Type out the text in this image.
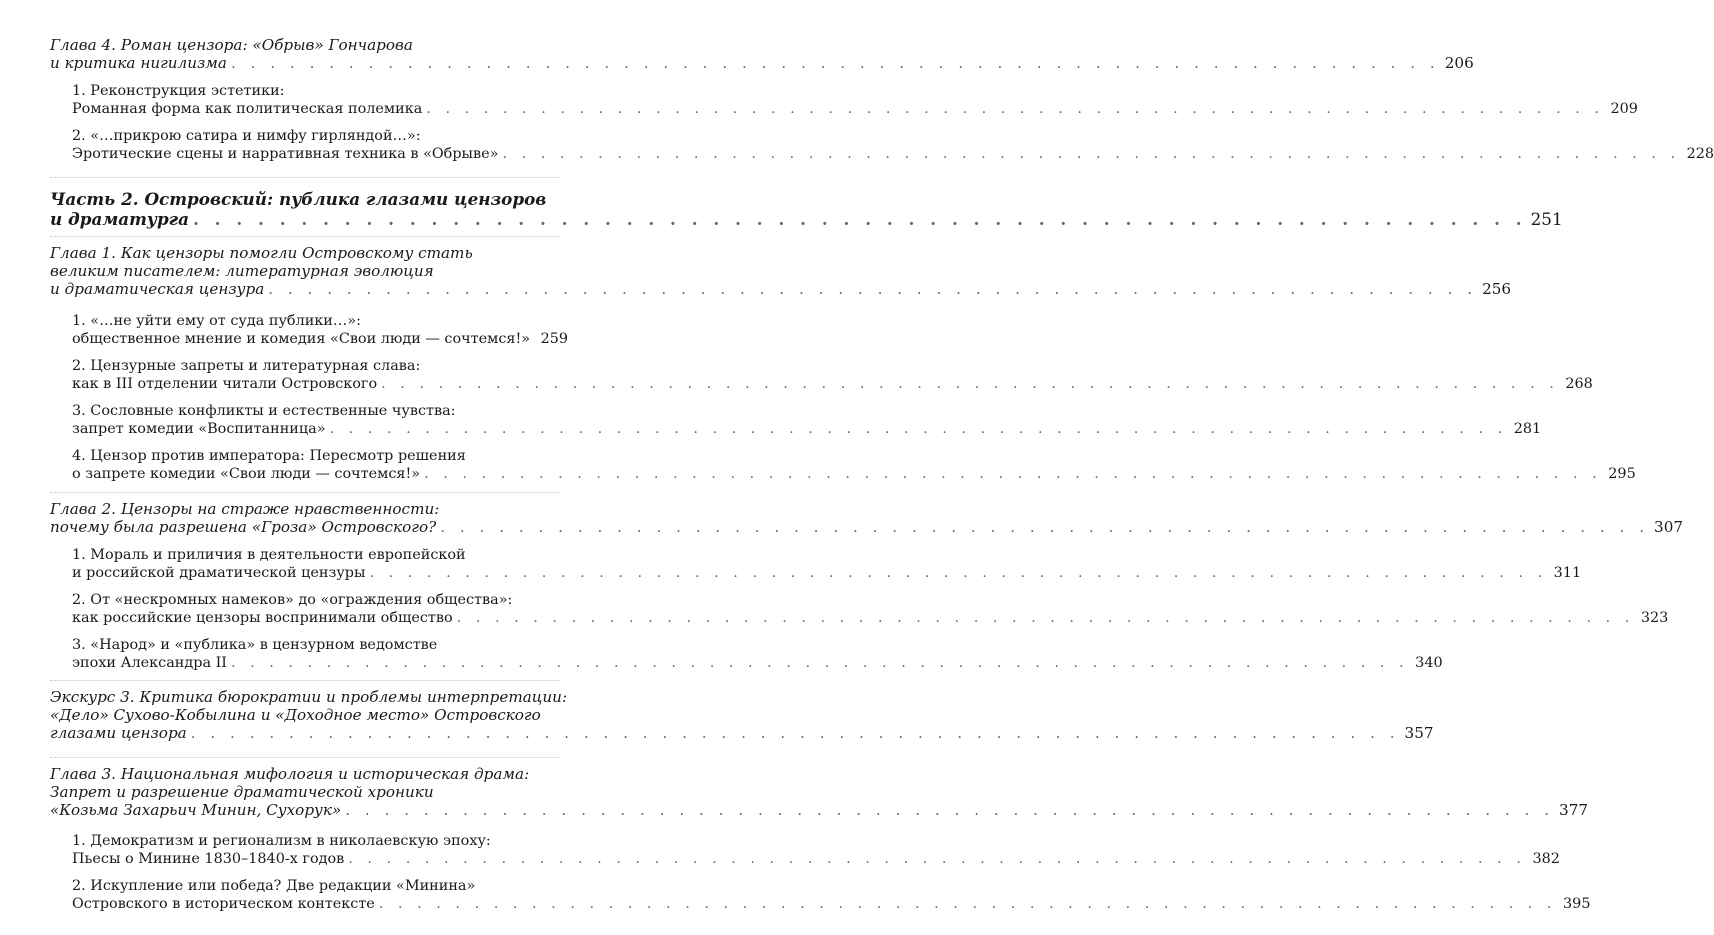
Глава 4. Роман цензора: «Обрыв» Гончарова
и критика нигилизма . . . . . . . . . . . . . . . . . . . . . . . . . . . . . . . . . . . . . . . . . . . . . . . . . . . . . . . . . . . . . . 206
1. Реконструкция эстетики:
Романная форма как политическая полемика . . . . . . . . . . . . . . . . . . . . . . . . . . . . . . . . . . . . . . . . . . . . . . . . . . . . . . . . . . . . . . 209
2. «…прикрою сатира и нимфу гирляндой…»:
Эротические сцены и нарративная техника в «Обрыве» . . . . . . . . . . . . . . . . . . . . . . . . . . . . . . . . . . . . . . . . . . . . . . . . . . . . . . . . . . . . . . 228
Часть 2. Островский: публика глазами цензоров
и драматурга . . . . . . . . . . . . . . . . . . . . . . . . . . . . . . . . . . . . . . . . . . . . . . . . . . . . . . . . . . . . . . 251
Глава 1. Как цензоры помогли Островскому стать
великим писателем: литературная эволюция
и драматическая цензура . . . . . . . . . . . . . . . . . . . . . . . . . . . . . . . . . . . . . . . . . . . . . . . . . . . . . . . . . . . . . . 256
1. «…не уйти ему от суда публики…»:
общественное мнение и комедия «Свои люди — сочтемся!» 259
2. Цензурные запреты и литературная слава:
как в III отделении читали Островского . . . . . . . . . . . . . . . . . . . . . . . . . . . . . . . . . . . . . . . . . . . . . . . . . . . . . . . . . . . . . . 268
3. Сословные конфликты и естественные чувства:
запрет комедии «Воспитанница» . . . . . . . . . . . . . . . . . . . . . . . . . . . . . . . . . . . . . . . . . . . . . . . . . . . . . . . . . . . . . . 281
4. Цензор против императора: Пересмотр решения
о запрете комедии «Свои люди — сочтемся!» . . . . . . . . . . . . . . . . . . . . . . . . . . . . . . . . . . . . . . . . . . . . . . . . . . . . . . . . . . . . . . 295
Глава 2. Цензоры на страже нравственности:
почему была разрешена «Гроза» Островского? . . . . . . . . . . . . . . . . . . . . . . . . . . . . . . . . . . . . . . . . . . . . . . . . . . . . . . . . . . . . . . 307
1. Мораль и приличия в деятельности европейской
и российской драматической цензуры . . . . . . . . . . . . . . . . . . . . . . . . . . . . . . . . . . . . . . . . . . . . . . . . . . . . . . . . . . . . . . 311
2. От «нескромных намеков» до «ограждения общества»:
как российские цензоры воспринимали общество . . . . . . . . . . . . . . . . . . . . . . . . . . . . . . . . . . . . . . . . . . . . . . . . . . . . . . . . . . . . . . 323
3. «Народ» и «публика» в цензурном ведомстве
эпохи Александра II . . . . . . . . . . . . . . . . . . . . . . . . . . . . . . . . . . . . . . . . . . . . . . . . . . . . . . . . . . . . . . 340
Экскурс 3. Критика бюрократии и проблемы интерпретации:
«Дело» Сухово-Кобылина и «Доходное место» Островского
глазами цензора . . . . . . . . . . . . . . . . . . . . . . . . . . . . . . . . . . . . . . . . . . . . . . . . . . . . . . . . . . . . . . 357
Глава 3. Национальная мифология и историческая драма:
Запрет и разрешение драматической хроники
«Козьма Захарьич Минин, Сухорук» . . . . . . . . . . . . . . . . . . . . . . . . . . . . . . . . . . . . . . . . . . . . . . . . . . . . . . . . . . . . . . 377
1. Демократизм и регионализм в николаевскую эпоху:
Пьесы о Минине 1830–1840-х годов . . . . . . . . . . . . . . . . . . . . . . . . . . . . . . . . . . . . . . . . . . . . . . . . . . . . . . . . . . . . . . 382
2. Искупление или победа? Две редакции «Минина»
Островского в историческом контексте . . . . . . . . . . . . . . . . . . . . . . . . . . . . . . . . . . . . . . . . . . . . . . . . . . . . . . . . . . . . . . 395
